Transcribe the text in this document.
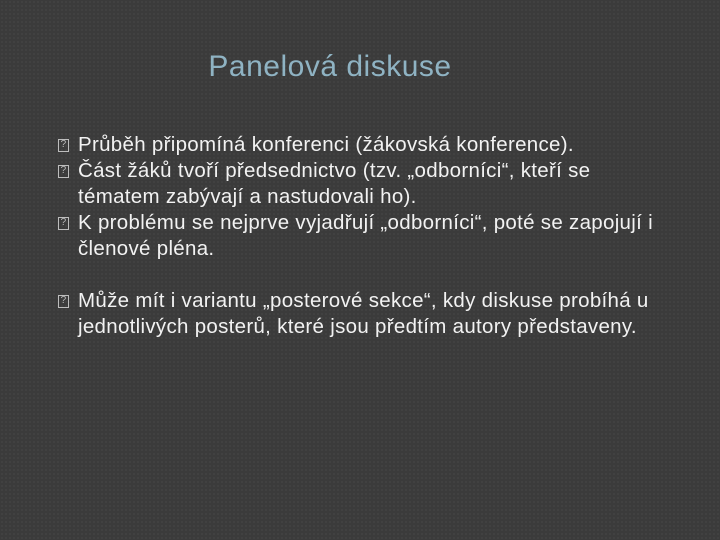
Panelová diskuse
?
Průběh připomíná konferenci (žákovská konference).
?
Část žáků tvoří předsednictvo (tzv. „odborníci“, kteří se tématem zabývají a nastudovali ho).
?
K problému se nejprve vyjadřují „odborníci“, poté se zapojují i členové pléna.
?
Může mít i variantu „posterové sekce“, kdy diskuse probíhá u jednotlivých posterů, které jsou předtím autory představeny.
